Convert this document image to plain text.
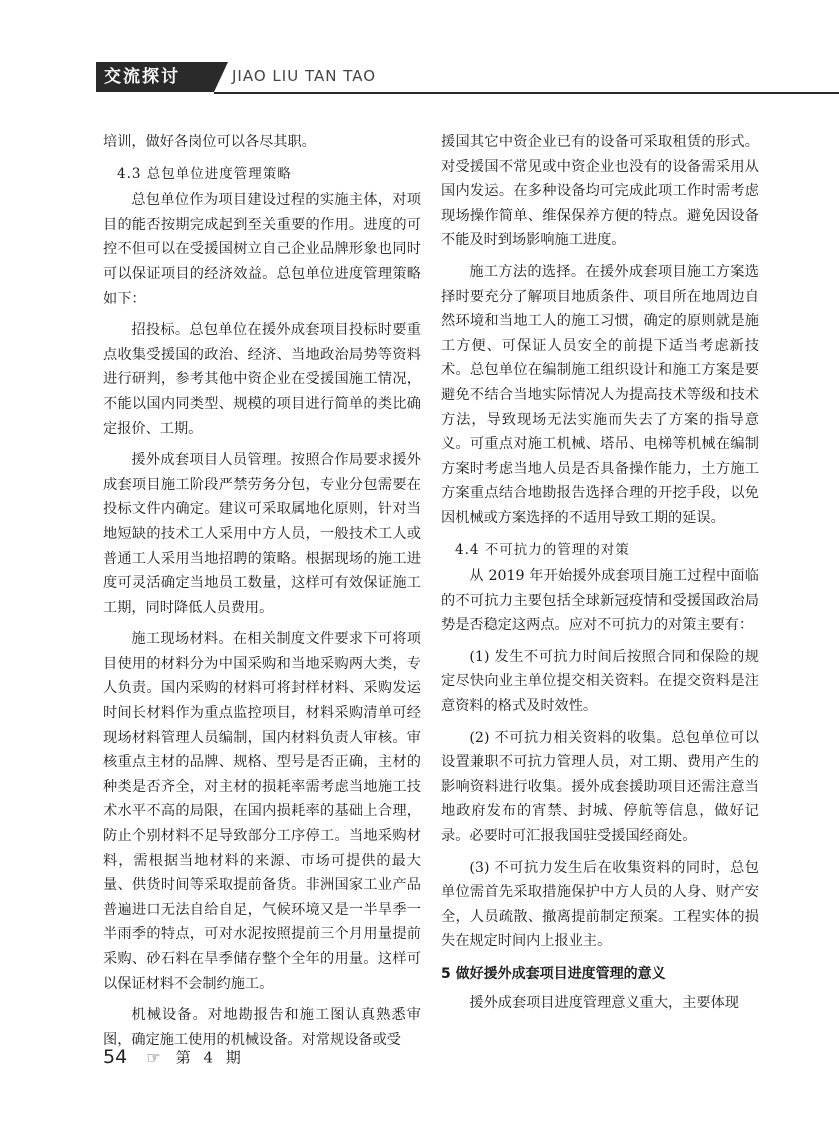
交流探讨	JIAO LIU TAN TAO

培训，做好各岗位可以各尽其职。

4.3 总包单位进度管理策略

总包单位作为项目建设过程的实施主体，对项目的能否按期完成起到至关重要的作用。进度的可控不但可以在受援国树立自己企业品牌形象也同时可以保证项目的经济效益。总包单位进度管理策略如下：

招投标。总包单位在援外成套项目投标时要重点收集受援国的政治、经济、当地政治局势等资料进行研判，参考其他中资企业在受援国施工情况，不能以国内同类型、规模的项目进行简单的类比确定报价、工期。

援外成套项目人员管理。按照合作局要求援外成套项目施工阶段严禁劳务分包，专业分包需要在投标文件内确定。建议可采取属地化原则，针对当地短缺的技术工人采用中方人员，一般技术工人或普通工人采用当地招聘的策略。根据现场的施工进度可灵活确定当地员工数量，这样可有效保证施工工期，同时降低人员费用。

施工现场材料。在相关制度文件要求下可将项目使用的材料分为中国采购和当地采购两大类，专人负责。国内采购的材料可将封样材料、采购发运时间长材料作为重点监控项目，材料采购清单可经现场材料管理人员编制，国内材料负责人审核。审核重点主材的品牌、规格、型号是否正确，主材的种类是否齐全，对主材的损耗率需考虑当地施工技术水平不高的局限，在国内损耗率的基础上合理，防止个别材料不足导致部分工序停工。当地采购材料，需根据当地材料的来源、市场可提供的最大量、供货时间等采取提前备货。非洲国家工业产品普遍进口无法自给自足，气候环境又是一半旱季一半雨季的特点，可对水泥按照提前三个月用量提前采购、砂石料在旱季储存整个全年的用量。这样可以保证材料不会制约施工。

机械设备。对地勘报告和施工图认真熟悉审图，确定施工使用的机械设备。对常规设备或受

援国其它中资企业已有的设备可采取租赁的形式。对受援国不常见或中资企业也没有的设备需采用从国内发运。在多种设备均可完成此项工作时需考虑现场操作简单、维保保养方便的特点。避免因设备不能及时到场影响施工进度。

施工方法的选择。在援外成套项目施工方案选择时要充分了解项目地质条件、项目所在地周边自然环境和当地工人的施工习惯，确定的原则就是施工方便、可保证人员安全的前提下适当考虑新技术。总包单位在编制施工组织设计和施工方案是要避免不结合当地实际情况人为提高技术等级和技术方法，导致现场无法实施而失去了方案的指导意义。可重点对施工机械、塔吊、电梯等机械在编制方案时考虑当地人员是否具备操作能力，土方施工方案重点结合地勘报告选择合理的开挖手段，以免因机械或方案选择的不适用导致工期的延误。

4.4 不可抗力的管理的对策

从 2019 年开始援外成套项目施工过程中面临的不可抗力主要包括全球新冠疫情和受援国政治局势是否稳定这两点。应对不可抗力的对策主要有：

(1) 发生不可抗力时间后按照合同和保险的规定尽快向业主单位提交相关资料。在提交资料是注意资料的格式及时效性。

(2) 不可抗力相关资料的收集。总包单位可以设置兼职不可抗力管理人员，对工期、费用产生的影响资料进行收集。援外成套援助项目还需注意当地政府发布的宵禁、封城、停航等信息，做好记录。必要时可汇报我国驻受援国经商处。

(3) 不可抗力发生后在收集资料的同时，总包单位需首先采取措施保护中方人员的人身、财产安全，人员疏散、撤离提前制定预案。工程实体的损失在规定时间内上报业主。

5 做好援外成套项目进度管理的意义

援外成套项目进度管理意义重大，主要体现

54 ☞ 第 4 期
